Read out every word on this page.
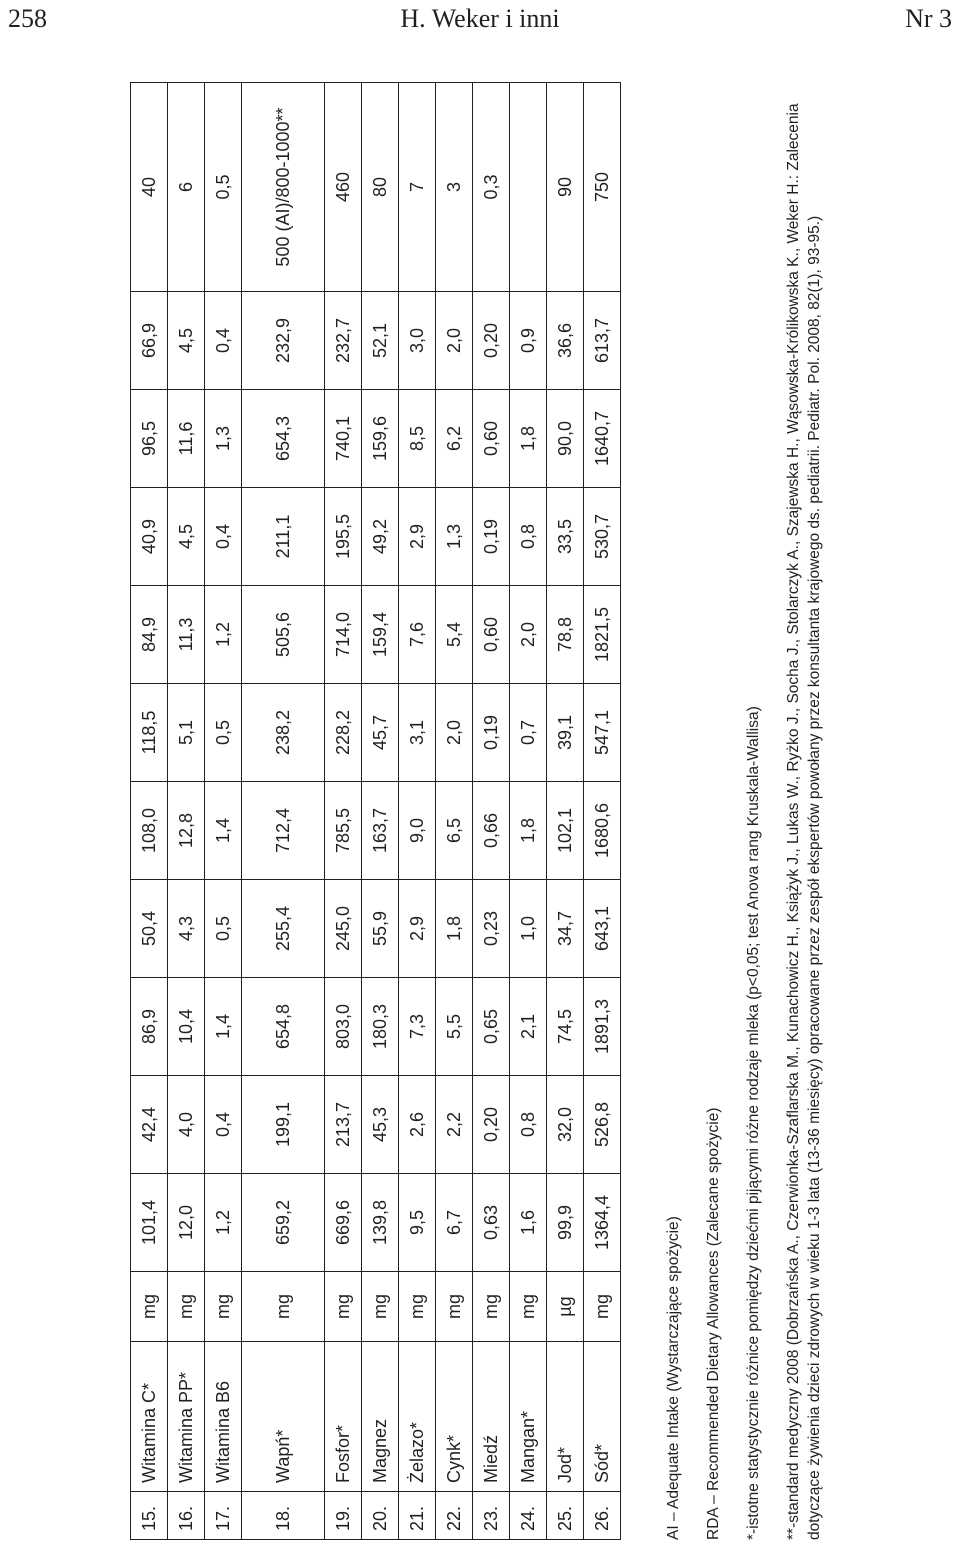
258	H. Weker i inni	Nr 3
15.	Witamina C*	mg	101,4	42,4	86,9	50,4	108,0	118,5	84,9	40,9	96,5	66,9	40
16.	Witamina PP*	mg	12,0	4,0	10,4	4,3	12,8	5,1	11,3	4,5	11,6	4,5	6
17.	Witamina B6	mg	1,2	0,4	1,4	0,5	1,4	0,5	1,2	0,4	1,3	0,4	0,5
18.	Wapń*	mg	659,2	199,1	654,8	255,4	712,4	238,2	505,6	211,1	654,3	232,9	500 (AI)/800-1000**
19.	Fosfor*	mg	669,6	213,7	803,0	245,0	785,5	228,2	714,0	195,5	740,1	232,7	460
20.	Magnez	mg	139,8	45,3	180,3	55,9	163,7	45,7	159,4	49,2	159,6	52,1	80
21.	Żelazo*	mg	9,5	2,6	7,3	2,9	9,0	3,1	7,6	2,9	8,5	3,0	7
22.	Cynk*	mg	6,7	2,2	5,5	1,8	6,5	2,0	5,4	1,3	6,2	2,0	3
23.	Miedź	mg	0,63	0,20	0,65	0,23	0,66	0,19	0,60	0,19	0,60	0,20	0,3
24.	Mangan*	mg	1,6	0,8	2,1	1,0	1,8	0,7	2,0	0,8	1,8	0,9	
25.	Jod*	µg	99,9	32,0	74,5	34,7	102,1	39,1	78,8	33,5	90,0	36,6	90
26.	Sód*	mg	1364,4	526,8	1891,3	643,1	1680,6	547,1	1821,5	530,7	1640,7	613,7	750

AI – Adequate Intake (Wystarczające spożycie) RDA – Recommended Dietary Allowances (Zalecane spożycie) *-istotne statystycznie różnice pomiędzy dziećmi pijącymi różne rodzaje mleka (p<0,05; test Anova rang Kruskala-Wallisa) **-standard medyczny 2008 (Dobrzańska A., Czerwionka-Szaflarska M., Kunachowicz H., Książyk J., Lukas W., Ryżko J., Socha J., Stolarczyk A., Szajewska H., Wąsowska-Królikowska K., Weker H.: Zalecenia dotyczące żywienia dzieci zdrowych w wieku 1-3 lata (13-36 miesięcy) opracowane przez zespół ekspertów powołany przez konsultanta krajowego ds. pediatrii. Pediatr. Pol. 2008, 82(1), 93-95.)
